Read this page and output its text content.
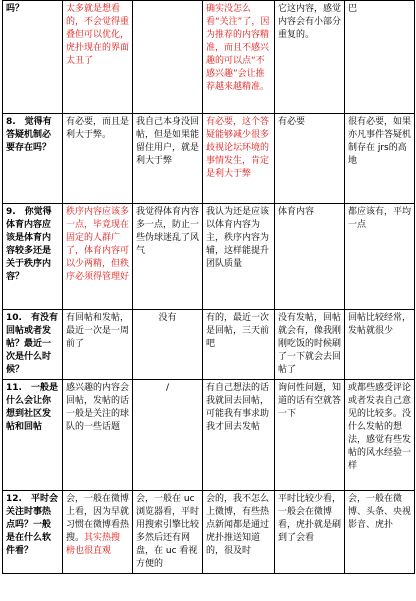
吗？	太多就是想看的，不会觉得重叠但可以优化，虎扑现在的界面太丑了		确实没怎么看“关注”了，因为推荐的内容精准，而且不感兴趣的可以点“不感兴趣”会让推荐越来越精准。	它这内容，感觉内容会有小部分重复的。	巴
8.　觉得有答疑机制必要存在吗？	有必要，而且是利大于弊。	我自己本身没回帖，但是如果能留住用户，就是利大于弊	有必要，这个答疑能够减少很多歧视论坛环境的事情发生，肯定是利大于弊	有必要	很有必要，如果亦凡事件答疑机制存在 jrs的高地
9.　你觉得体育内容应该是体育内容较多还是关于秩序内容？	秩序内容应该多一点，毕竟现在固定的人群广了，体育内容可以少两精，但秩序必须得管理好	我觉得体育内容多一点，防止一些伪球迷乱了风气	我认为还是应该以体育内容为主，秩序内容为辅，这样能提升团队质量	体育内容	都应该有，平均一点
10.　有没有回帖或者发帖？最近一次是什么时候？	有回帖和发帖，最近一次是一周前了	没有	有的，最近一次是回帖，三天前吧	没有发帖，回帖就会有，像我刚刚吃饭的时候刷了一下就会去回帖了	回帖比较经常，发帖就很少
11.　一般是什么会让你想到社区发帖和回帖	感兴趣的内容会回帖，发帖的话一般是关注的球队的一些话题	/	有自己想法的话我就回去回帖，可能我有事求助我才回去发帖	询问性问题，知道的话有空就答一下	或都些感受评论或者发表自己意见的比较多。没什么发帖的想法，感觉有些发帖的风水经验一样
12.　平时会关注时事热点吗？一般是在什么软件看？	会，一般在微博上看，因为早就习惯在微博看热搜。其实热搜榜也很直观	会，一般在 uc 浏览器看，平时用搜索引擎比较多然后还有网盘，在 uc 看视方便的	会的，我不怎么上微博，有些热点新闻都是通过虎扑推送知道的，很及时	平时比较少看，一般会在微博看，虎扑就是刷到了会看	会，一般在微博、头条、央视影音、虎扑
